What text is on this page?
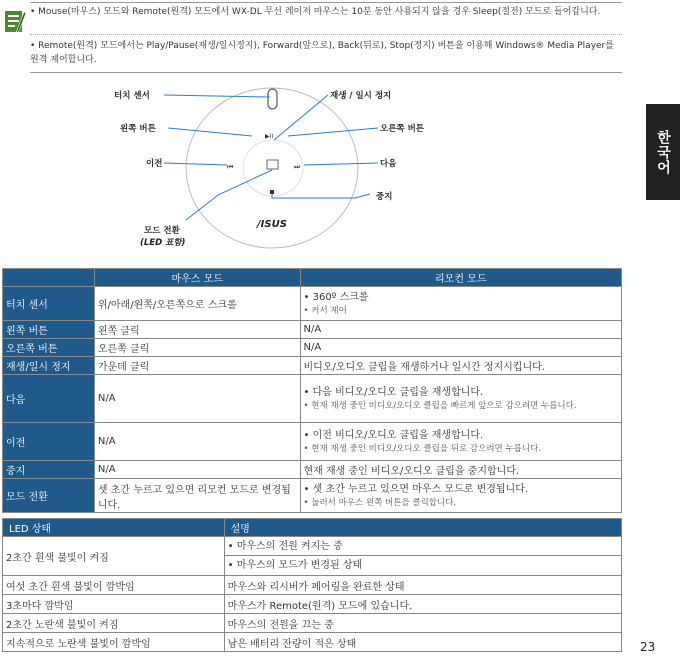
• Mouse(마우스) 모드와 Remote(원격) 모드에서 WX-DL 무선 레이저 마우스는 10분 동안 사용되지 않을 경우 Sleep(절전) 모드로 들어갑니다.
• Remote(원격) 모드에서는 Play/Pause(재생/일시정지), Forward(앞으로), Back(뒤로), Stop(정지) 버튼을 이용해 Windows® Media Player를 원격 제어합니다.
▶II
⏮	⏭
/ISUS
터치 센서	재생 / 일시 정지
왼쪽 버튼	오른쪽 버튼
이전	다음
중지
모드 전환
(LED 표함)
한국어
	마우스 모드	리모컨 모드
터치 센서	위/아래/왼쪽/오른쪽으로 스크롤	• 360º 스크롤
• 커서 제어

왼쪽 버튼	왼쪽 클릭	N/A
오른쪽 버튼	오른쪽 클릭	N/A
재생/일시 정지	가운데 클릭	비디오/오디오 클립을 재생하거나 일시간 정지시킵니다.
다음	N/A	• 다음 비디오/오디오 클립을 재생합니다.
• 현재 재생 중인 비디오/오디오 클립을 빠르게 앞으로 감으려면 누릅니다.

이전	N/A	• 이전 비디오/오디오 클립을 재생합니다.
• 현재 재생 중인 비디오/오디오 클립을 뒤로 감으려면 누릅니다.

중지	N/A	현재 재생 중인 비디오/오디오 클립을 중지합니다.
모드 전환	셋 초간 누르고 있으면 리모컨 모드로 변경됩니다.	• 셋 초간 누르고 있으면 마우스 모드로 변경됩니다.
• 눌러서 마우스 왼쪽 버튼을 클릭합니다.
LED 상태	설명
2초간 흰색 불빛이 켜짐	• 마우스의 전원 켜지는 중
• 마우스의 모드가 변경된 상태

여섯 초간 흰색 불빛이 깜박임	마우스와 리시버가 페어링을 완료한 상태
3초마다 깜박임	마우스가 Remote(원격) 모드에 있습니다.
2초간 노란색 불빛이 켜짐	마우스의 전원을 끄는 중
지속적으로 노란색 불빛이 깜박임	남은 배터리 잔량이 적은 상태	23
